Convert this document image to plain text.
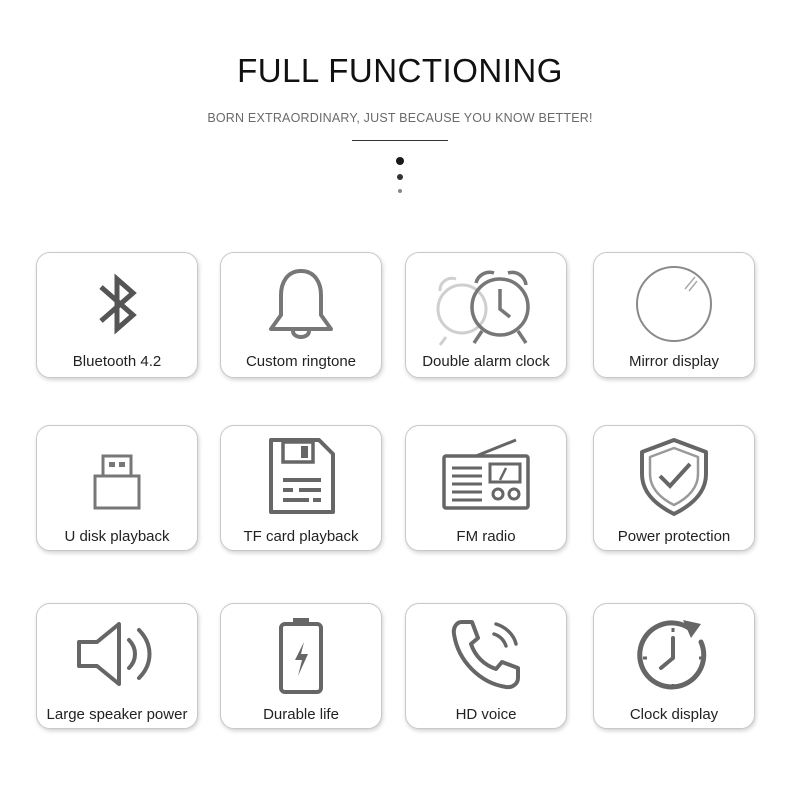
FULL FUNCTIONING
BORN EXTRAORDINARY, JUST BECAUSE YOU KNOW BETTER!
Bluetooth 4.2	Custom ringtone	Double alarm clock	Mirror display
U disk playback	TF card playback	FM radio	Power protection
Large speaker power	Durable life	HD voice	Clock display
